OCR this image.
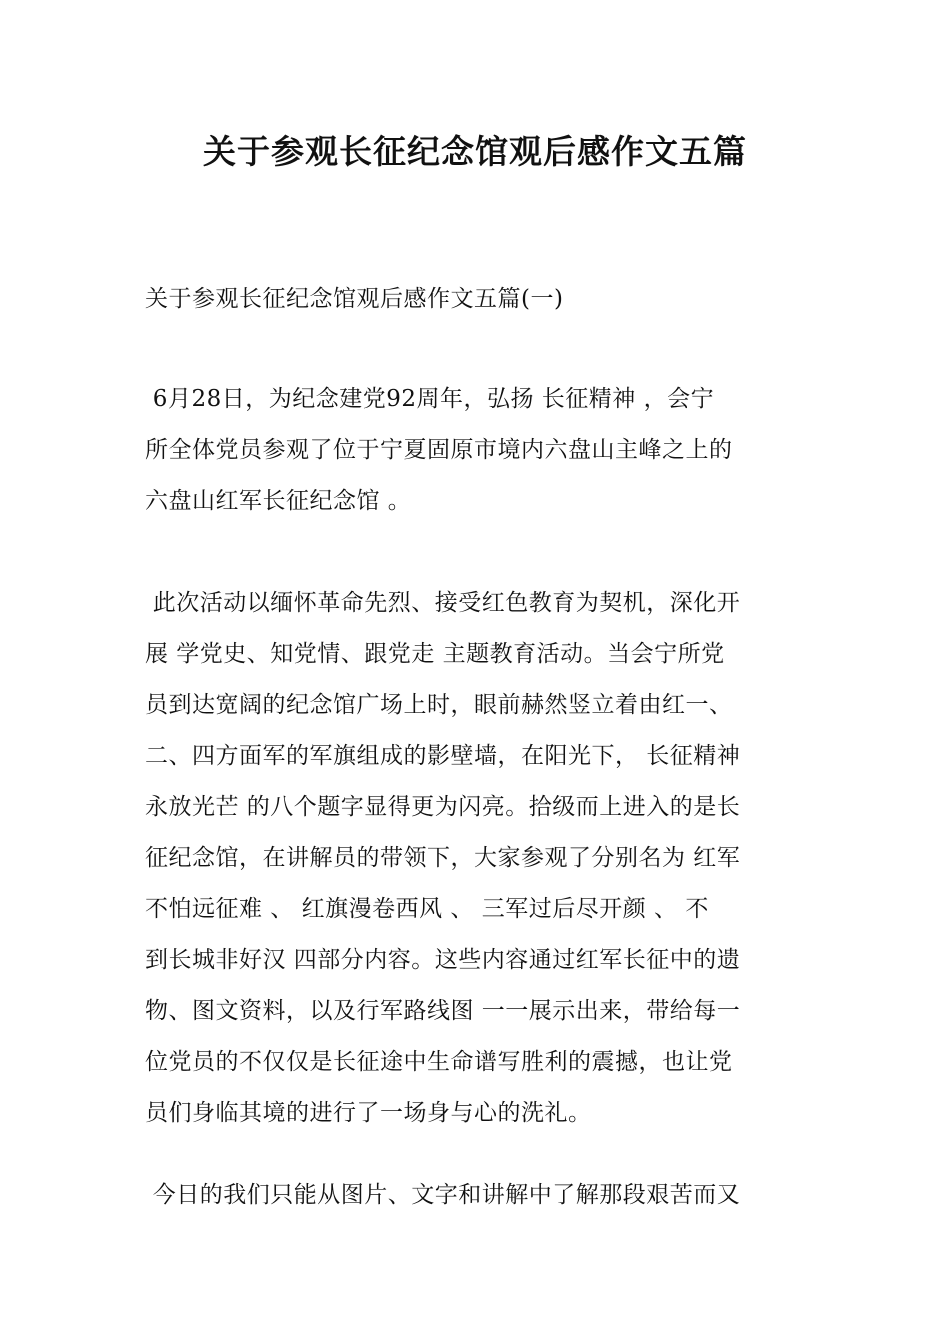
关于参观长征纪念馆观后感作文五篇

关于参观长征纪念馆观后感作文五篇(一)

6月28日，为纪念建党92周年，弘扬 长征精神 ，会宁
所全体党员参观了位于宁夏固原市境内六盘山主峰之上的
六盘山红军长征纪念馆 。
此次活动以缅怀革命先烈、接受红色教育为契机，深化开
展 学党史、知党情、跟党走 主题教育活动。当会宁所党
员到达宽阔的纪念馆广场上时，眼前赫然竖立着由红一、
二、四方面军的军旗组成的影壁墙，在阳光下， 长征精神
永放光芒 的八个题字显得更为闪亮。拾级而上进入的是长
征纪念馆，在讲解员的带领下，大家参观了分别名为 红军
不怕远征难 、 红旗漫卷西风 、 三军过后尽开颜 、 不
到长城非好汉 四部分内容。这些内容通过红军长征中的遗
物、图文资料，以及行军路线图 一一展示出来，带给每一
位党员的不仅仅是长征途中生命谱写胜利的震撼，也让党
员们身临其境的进行了一场身与心的洗礼。
今日的我们只能从图片、文字和讲解中了解那段艰苦而又
